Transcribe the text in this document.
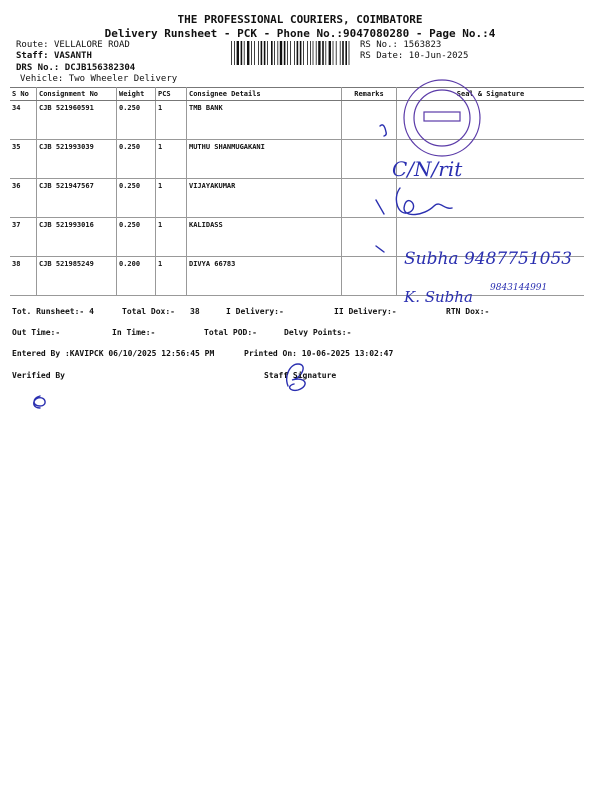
THE PROFESSIONAL COURIERS, COIMBATORE
Delivery Runsheet - PCK - Phone No.:9047080280 - Page No.:4
Route: VELLALORE ROAD
Staff: VASANTH
DRS No.: DCJB156382304
Vehicle: Two Wheeler Delivery
RS No.: 1563823
RS Date: 10-Jun-2025
S No	Consignment No	Weight	PCS	Consignee Details	Remarks	Seal & Signature
34	CJB 521960591	0.250	1	TMB BANK		
35	CJB 521993039	0.250	1	MUTHU SHANMUGAKANI		
36	CJB 521947567	0.250	1	VIJAYAKUMAR		
37	CJB 521993016	0.250	1	KALIDASS		
38	CJB 521985249	0.200	1	DIVYA 66783		
C/N/rit
Subha 9487751053
K. Subha 9843144991
Tot. Runsheet:- 4	Total Dox:- 38	I Delivery:-	II Delivery:-	RTN Dox:-
Out Time:-	In Time:-	Total POD:-	Delvy Points:-
Entered By :KAVIPCK 06/10/2025 12:56:45 PM	Printed On: 10-06-2025 13:02:47
Verified By	Staff Signature
